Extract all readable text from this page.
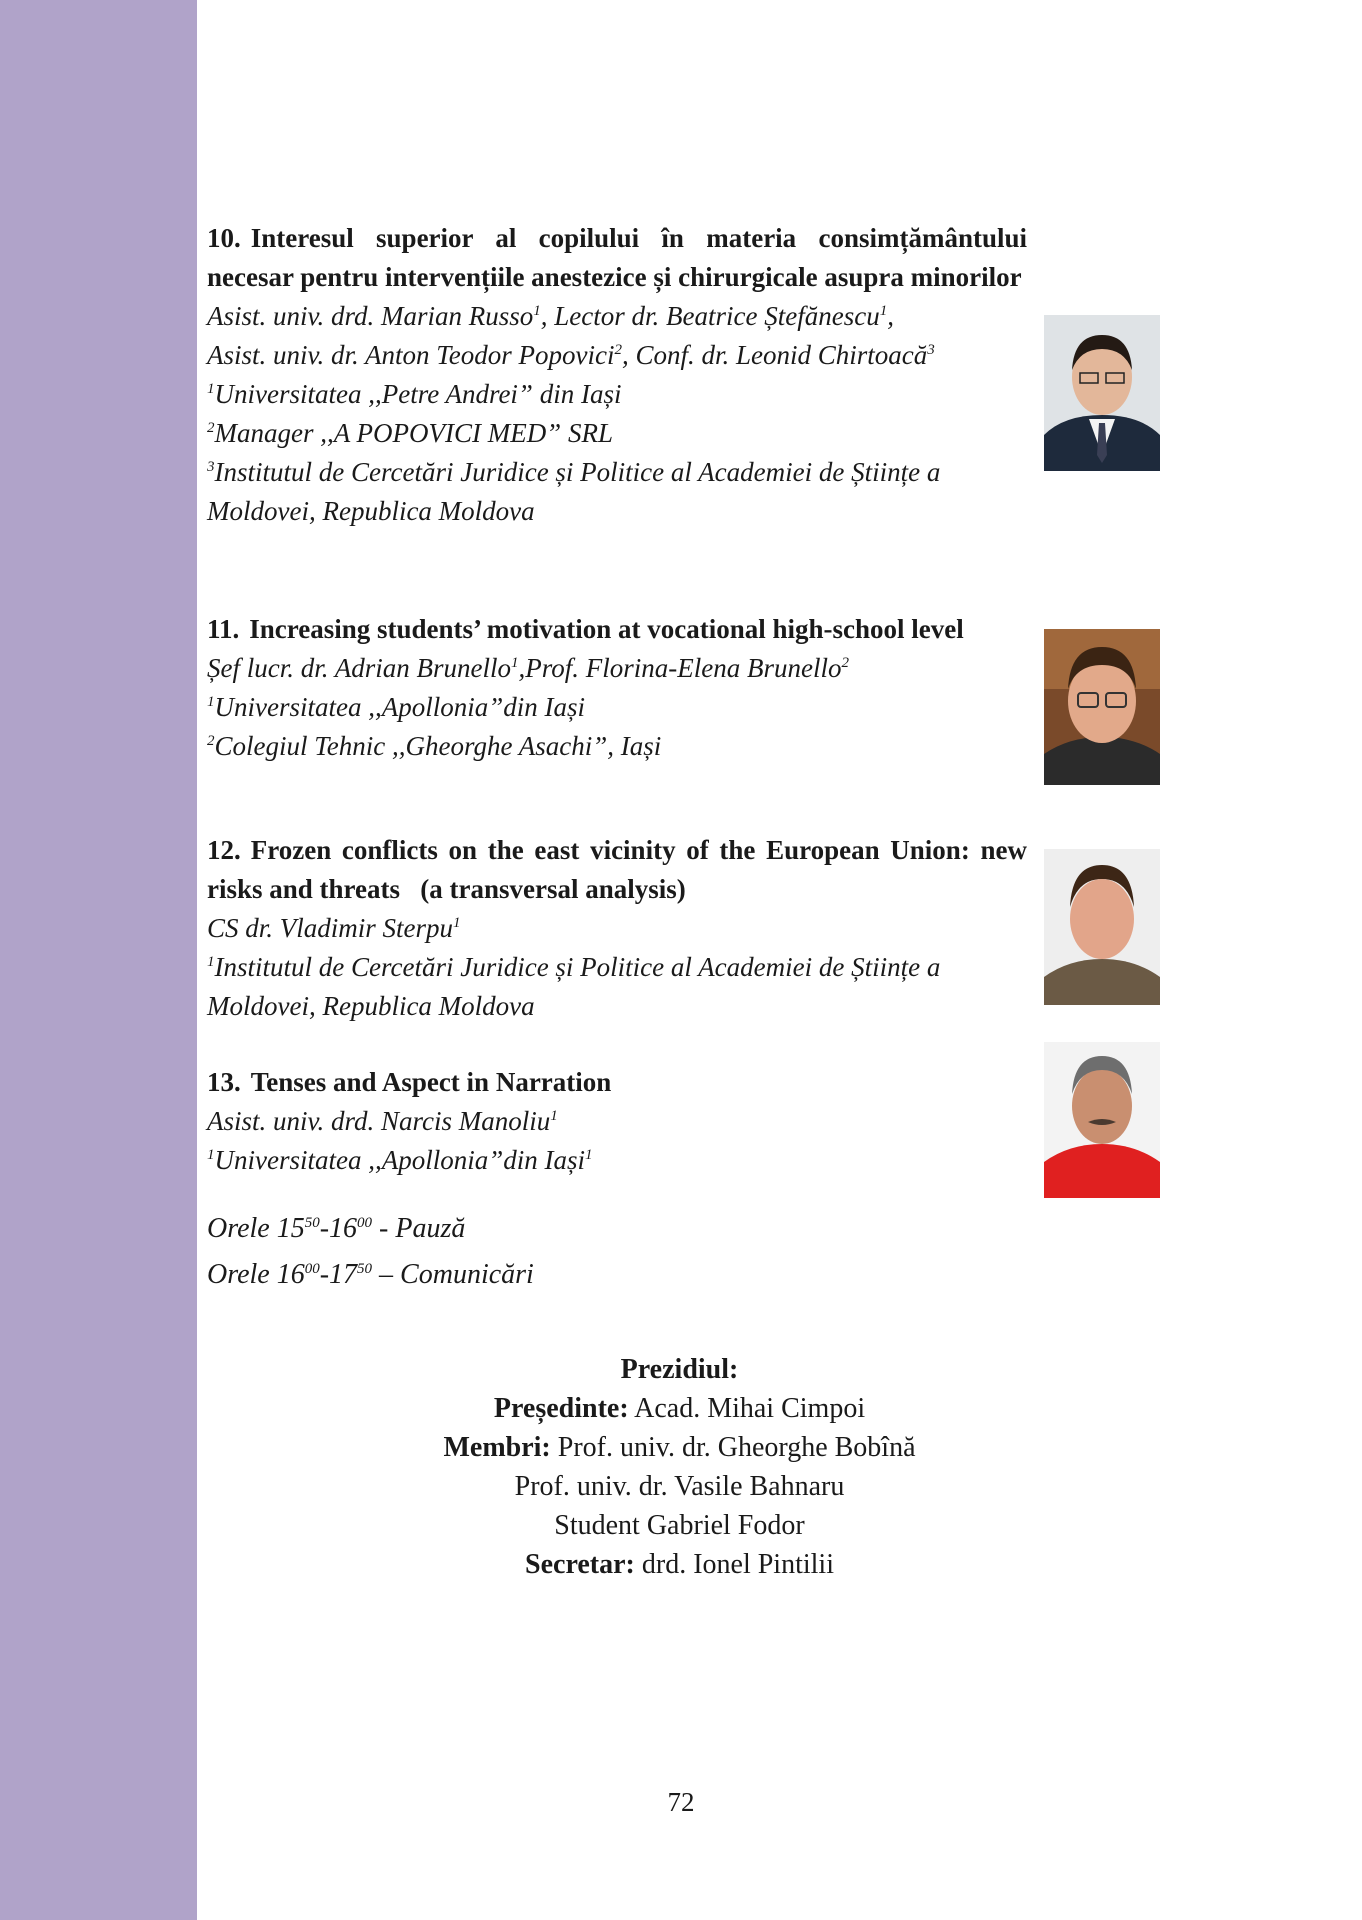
10. Interesul superior al copilului în materia consimțământului necesar pentru intervențiile anestezice și chirurgicale asupra minorilor

Asist. univ. drd. Marian Russo$^1$, Lector dr. Beatrice Ștefănescu$^1$,

Asist. univ. dr. Anton Teodor Popovici$^2$, Conf. dr. Leonid Chirtoacă$^3$

$^1$Universitatea ,,Petre Andrei” din Iași

$^2$Manager ,,A POPOVICI MED” SRL

$^3$Institutul de Cercetări Juridice și Politice al Academiei de Științe a Moldovei, Republica Moldova

11. Increasing students’ motivation at vocational high-school level

Șef lucr. dr. Adrian Brunello$^1$,Prof. Florina-Elena Brunello$^2$

$^1$Universitatea ,,Apollonia”din Iași

$^2$Colegiul Tehnic ,,Gheorghe Asachi”, Iași

12. Frozen conflicts on the east vicinity of the European Union: new risks and threats   (a transversal analysis)

CS dr. Vladimir Sterpu$^1$

$^1$Institutul de Cercetări Juridice și Politice al Academiei de Științe a Moldovei, Republica Moldova

13. Tenses and Aspect in Narration

Asist. univ. drd. Narcis Manoliu$^1$

$^1$Universitatea ,,Apollonia”din Iași$^1$

Orele $15^{50}-16^{00}$ - Pauză
Orele $16^{00}-17^{50}$ – Comunicări
Prezidiul:
Președinte: Acad. Mihai Cimpoi
Membri: Prof. univ. dr. Gheorghe Bobînă
Prof. univ. dr. Vasile Bahnaru
Student Gabriel Fodor
Secretar: drd. Ionel Pintilii
72
